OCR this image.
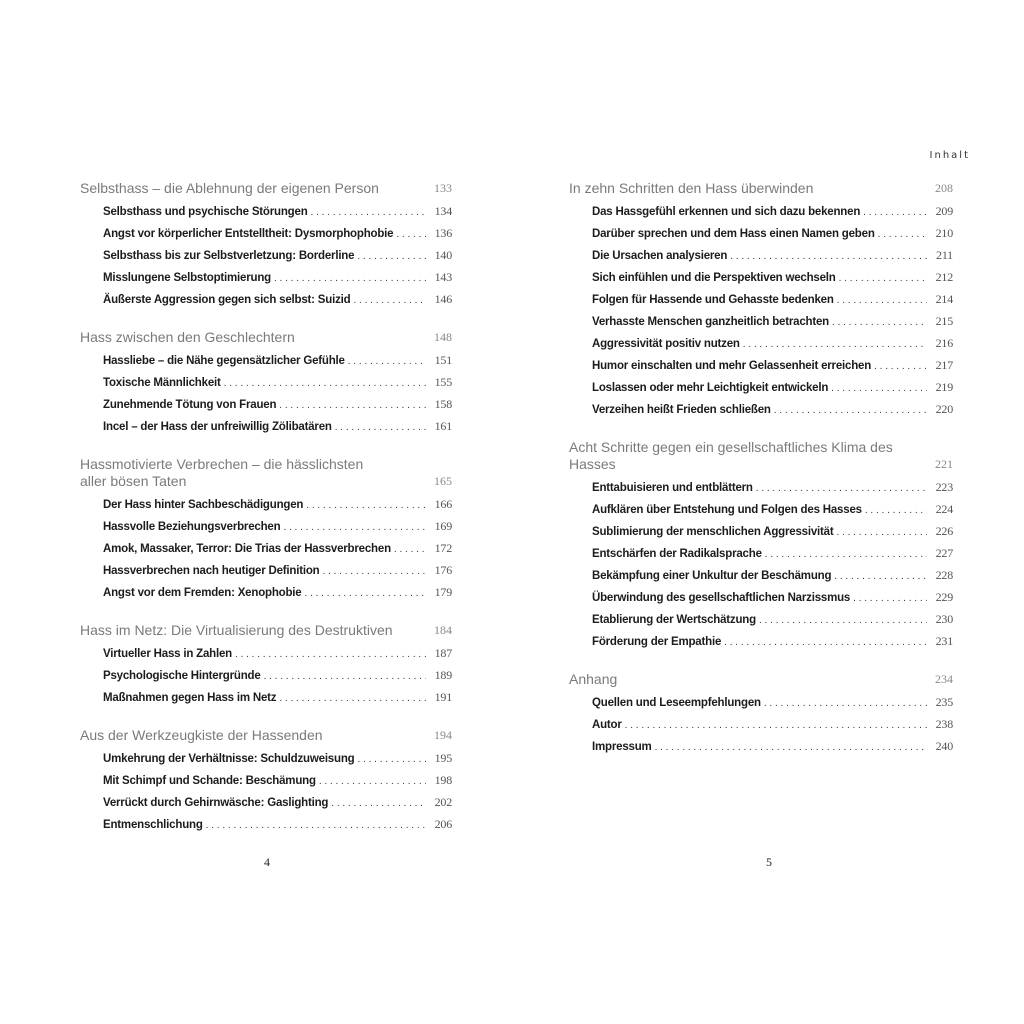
Selbsthass – die Ablehnung der eigenen Person	133
Selbsthass und psychische Störungen . . .	134
Angst vor körperlicher Entstelltheit: Dysmorphophobie . . .	136
Selbsthass bis zur Selbstverletzung: Borderline . . .	140
Misslungene Selbstoptimierung . . .	143
Äußerste Aggression gegen sich selbst: Suizid . . .	146
Hass zwischen den Geschlechtern	148
Hassliebe – die Nähe gegensätzlicher Gefühle . . .	151
Toxische Männlichkeit . . .	155
Zunehmende Tötung von Frauen . . .	158
Incel – der Hass der unfreiwillig Zölibatären . . .	161
Hassmotivierte Verbrechen – die hässlichsten
aller bösen Taten	165
Der Hass hinter Sachbeschädigungen . . .	166
Hassvolle Beziehungsverbrechen . . .	169
Amok, Massaker, Terror: Die Trias der Hassverbrechen . . .	172
Hassverbrechen nach heutiger Definition . . .	176
Angst vor dem Fremden: Xenophobie . . .	179
Hass im Netz: Die Virtualisierung des Destruktiven	184
Virtueller Hass in Zahlen . . .	187
Psychologische Hintergründe . . .	189
Maßnahmen gegen Hass im Netz . . .	191
Aus der Werkzeugkiste der Hassenden	194
Umkehrung der Verhältnisse: Schuldzuweisung . . .	195
Mit Schimpf und Schande: Beschämung . . .	198
Verrückt durch Gehirnwäsche: Gaslighting . . .	202
Entmenschlichung . . .	206
4
Inhalt
In zehn Schritten den Hass überwinden	208
Das Hassgefühl erkennen und sich dazu bekennen . . .	209
Darüber sprechen und dem Hass einen Namen geben . . .	210
Die Ursachen analysieren . . .	211
Sich einfühlen und die Perspektiven wechseln . . .	212
Folgen für Hassende und Gehasste bedenken . . .	214
Verhasste Menschen ganzheitlich betrachten . . .	215
Aggressivität positiv nutzen . . .	216
Humor einschalten und mehr Gelassenheit erreichen . . .	217
Loslassen oder mehr Leichtigkeit entwickeln . . .	219
Verzeihen heißt Frieden schließen . . .	220
Acht Schritte gegen ein gesellschaftliches Klima des Hasses	221
Enttabuisieren und entblättern . . .	223
Aufklären über Entstehung und Folgen des Hasses . . .	224
Sublimierung der menschlichen Aggressivität . . .	226
Entschärfen der Radikalsprache . . .	227
Bekämpfung einer Unkultur der Beschämung . . .	228
Überwindung des gesellschaftlichen Narzissmus . . .	229
Etablierung der Wertschätzung . . .	230
Förderung der Empathie . . .	231
Anhang	234
Quellen und Leseempfehlungen . . .	235
Autor . . .	238
Impressum . . .	240
5
